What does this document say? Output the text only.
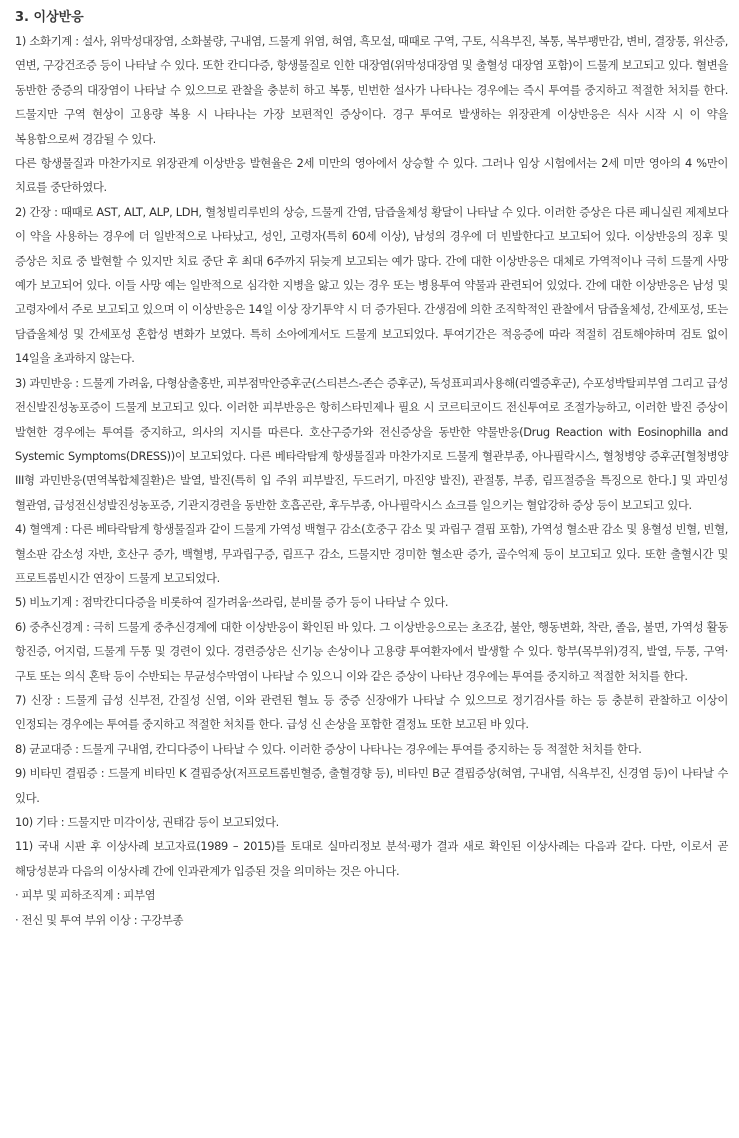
3. 이상반응

1) 소화기계 : 설사, 위막성대장염, 소화불량, 구내염, 드물게 위염, 혀염, 흑모설, 때때로 구역, 구토, 식욕부진, 복통, 복부팽만감, 변비, 결장통, 위산증, 연변, 구강건조증 등이 나타날 수 있다. 또한 칸디다증, 항생물질로 인한 대장염(위막성대장염 및 출혈성 대장염 포함)이 드물게 보고되고 있다. 혈변을 동반한 중증의 대장염이 나타날 수 있으므로 관찰을 충분히 하고 복통, 빈번한 설사가 나타나는 경우에는 즉시 투여를 중지하고 적절한 처치를 한다. 드물지만 구역 현상이 고용량 복용 시 나타나는 가장 보편적인 증상이다. 경구 투여로 발생하는 위장관계 이상반응은 식사 시작 시 이 약을 복용함으로써 경감될 수 있다.

다른 항생물질과 마찬가지로 위장관계 이상반응 발현율은 2세 미만의 영아에서 상승할 수 있다. 그러나 임상 시험에서는 2세 미만 영아의 4 %만이 치료를 중단하였다.

2) 간장 : 때때로 AST, ALT, ALP, LDH, 혈청빌리루빈의 상승, 드물게 간염, 담즙울체성 황달이 나타날 수 있다. 이러한 증상은 다른 페니실린 제제보다 이 약을 사용하는 경우에 더 일반적으로 나타났고, 성인, 고령자(특히 60세 이상), 남성의 경우에 더 빈발한다고 보고되어 있다. 이상반응의 징후 및 증상은 치료 중 발현할 수 있지만 치료 중단 후 최대 6주까지 뒤늦게 보고되는 예가 많다. 간에 대한 이상반응은 대체로 가역적이나 극히 드물게 사망 예가 보고되어 있다. 이들 사망 예는 일반적으로 심각한 지병을 앓고 있는 경우 또는 병용투여 약물과 관련되어 있었다. 간에 대한 이상반응은 남성 및 고령자에서 주로 보고되고 있으며 이 이상반응은 14일 이상 장기투약 시 더 증가된다. 간생검에 의한 조직학적인 관찰에서 담즙울체성, 간세포성, 또는 담즙울체성 및 간세포성 혼합성 변화가 보였다. 특히 소아에게서도 드물게 보고되었다. 투여기간은 적응증에 따라 적절히 검토해야하며 검토 없이 14일을 초과하지 않는다.

3) 과민반응 : 드물게 가려움, 다형삼출홍반, 피부점막안증후군(스티븐스-존슨 증후군), 독성표피괴사용해(리엘증후군), 수포성박탈피부염 그리고 급성 전신발진성농포증이 드물게 보고되고 있다. 이러한 피부반응은 항히스타민제나 필요 시 코르티코이드 전신투여로 조절가능하고, 이러한 발진 증상이 발현한 경우에는 투여를 중지하고, 의사의 지시를 따른다. 호산구증가와 전신증상을 동반한 약물반응(Drug Reaction with Eosinophilla and Systemic Symptoms(DRESS))이 보고되었다. 다른 베타락탐계 항생물질과 마찬가지로 드물게 혈관부종, 아나필락시스, 혈청병양 증후군[혈청병양 III형 과민반응(면역복합체질환)은 발열, 발진(특히 입 주위 피부발진, 두드러기, 마진양 발진), 관절통, 부종, 림프절증을 특징으로 한다.] 및 과민성 혈관염, 급성전신성발진성농포증, 기관지경련을 동반한 호흡곤란, 후두부종, 아나필락시스 쇼크를 일으키는 혈압강하 증상 등이 보고되고 있다.

4) 혈액계 : 다른 베타락탐계 항생물질과 같이 드물게 가역성 백혈구 감소(호중구 감소 및 과립구 결핍 포함), 가역성 혈소판 감소 및 용혈성 빈혈, 빈혈, 혈소판 감소성 자반, 호산구 증가, 백혈병, 무과립구증, 림프구 감소, 드물지만 경미한 혈소판 증가, 골수억제 등이 보고되고 있다. 또한 출혈시간 및 프로트롬빈시간 연장이 드물게 보고되었다.

5) 비뇨기계 : 점막칸디다증을 비롯하여 질가려움·쓰라림, 분비물 증가 등이 나타날 수 있다.

6) 중추신경계 : 극히 드물게 중추신경계에 대한 이상반응이 확인된 바 있다. 그 이상반응으로는 초조감, 불안, 행동변화, 착란, 졸음, 불면, 가역성 활동 항진증, 어지럼, 드물게 두통 및 경련이 있다. 경련증상은 신기능 손상이나 고용량 투여환자에서 발생할 수 있다. 항부(목부위)경직, 발열, 두통, 구역·구토 또는 의식 혼탁 등이 수반되는 무균성수막염이 나타날 수 있으니 이와 같은 증상이 나타난 경우에는 투여를 중지하고 적절한 처치를 한다.

7) 신장 : 드물게 급성 신부전, 간질성 신염, 이와 관련된 혈뇨 등 중증 신장애가 나타날 수 있으므로 정기검사를 하는 등 충분히 관찰하고 이상이 인정되는 경우에는 투여를 중지하고 적절한 처치를 한다. 급성 신 손상을 포함한 결정뇨 또한 보고된 바 있다.

8) 균교대증 : 드물게 구내염, 칸디다증이 나타날 수 있다. 이러한 증상이 나타나는 경우에는 투여를 중지하는 등 적절한 처치를 한다.

9) 비타민 결핍증 : 드물게 비타민 K 결핍증상(저프로트롬빈혈증, 출혈경향 등), 비타민 B군 결핍증상(혀염, 구내염, 식욕부진, 신경염 등)이 나타날 수 있다.

10) 기타 : 드물지만 미각이상, 권태감 등이 보고되었다.

11) 국내 시판 후 이상사례 보고자료(1989 – 2015)를 토대로 실마리정보 분석·평가 결과 새로 확인된 이상사례는 다음과 같다. 다만, 이로서 곧 해당성분과 다음의 이상사례 간에 인과관계가 입증된 것을 의미하는 것은 아니다.

· 피부 및 피하조직계 : 피부염

· 전신 및 투여 부위 이상 : 구강부종
